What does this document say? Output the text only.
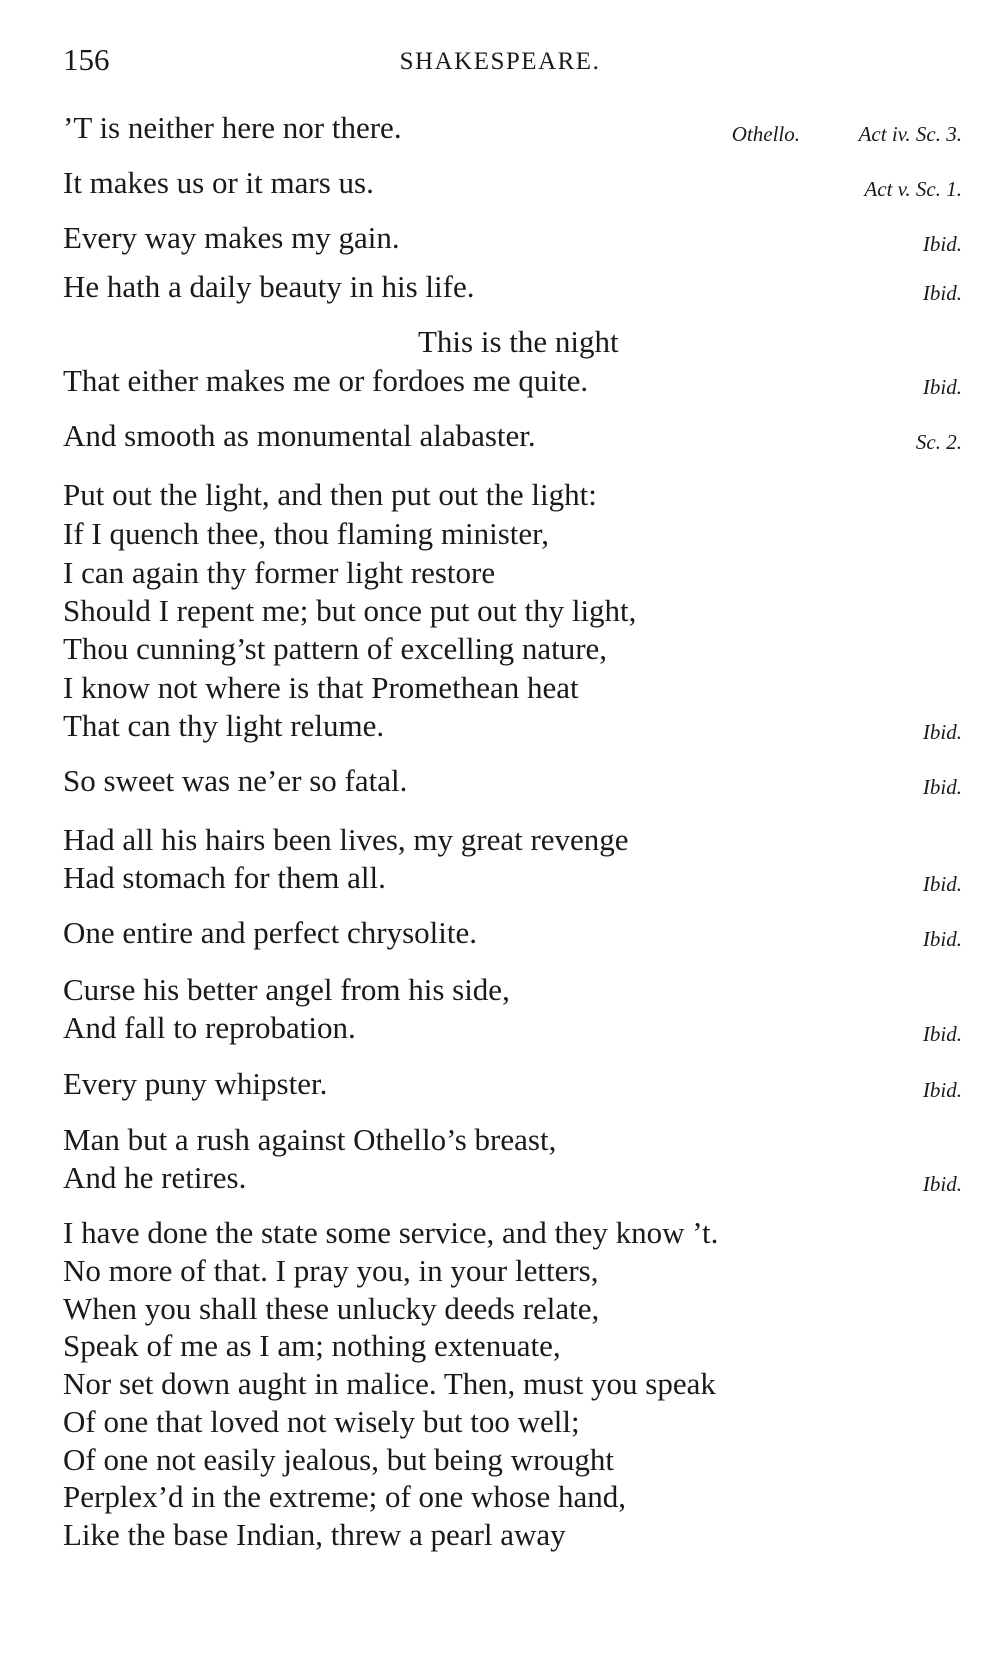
156	SHAKESPEARE.
’T is neither here nor there.	Othello.	Act iv. Sc. 3.
It makes us or it mars us.	Act v. Sc. 1.
Every way makes my gain.	Ibid.
He hath a daily beauty in his life.	Ibid.
This is the night
That either makes me or fordoes me quite.	Ibid.
And smooth as monumental alabaster.	Sc. 2.
Put out the light, and then put out the light:
If I quench thee, thou flaming minister,
I can again thy former light restore
Should I repent me; but once put out thy light,
Thou cunning’st pattern of excelling nature,
I know not where is that Promethean heat
That can thy light relume.	Ibid.
So sweet was ne’er so fatal.	Ibid.
Had all his hairs been lives, my great revenge
Had stomach for them all.	Ibid.
One entire and perfect chrysolite.	Ibid.
Curse his better angel from his side,
And fall to reprobation.	Ibid.
Every puny whipster.	Ibid.
Man but a rush against Othello’s breast,
And he retires.	Ibid.
I have done the state some service, and they know ’t.
No more of that. I pray you, in your letters,
When you shall these unlucky deeds relate,
Speak of me as I am; nothing extenuate,
Nor set down aught in malice. Then, must you speak
Of one that loved not wisely but too well;
Of one not easily jealous, but being wrought
Perplex’d in the extreme; of one whose hand,
Like the base Indian, threw a pearl away
